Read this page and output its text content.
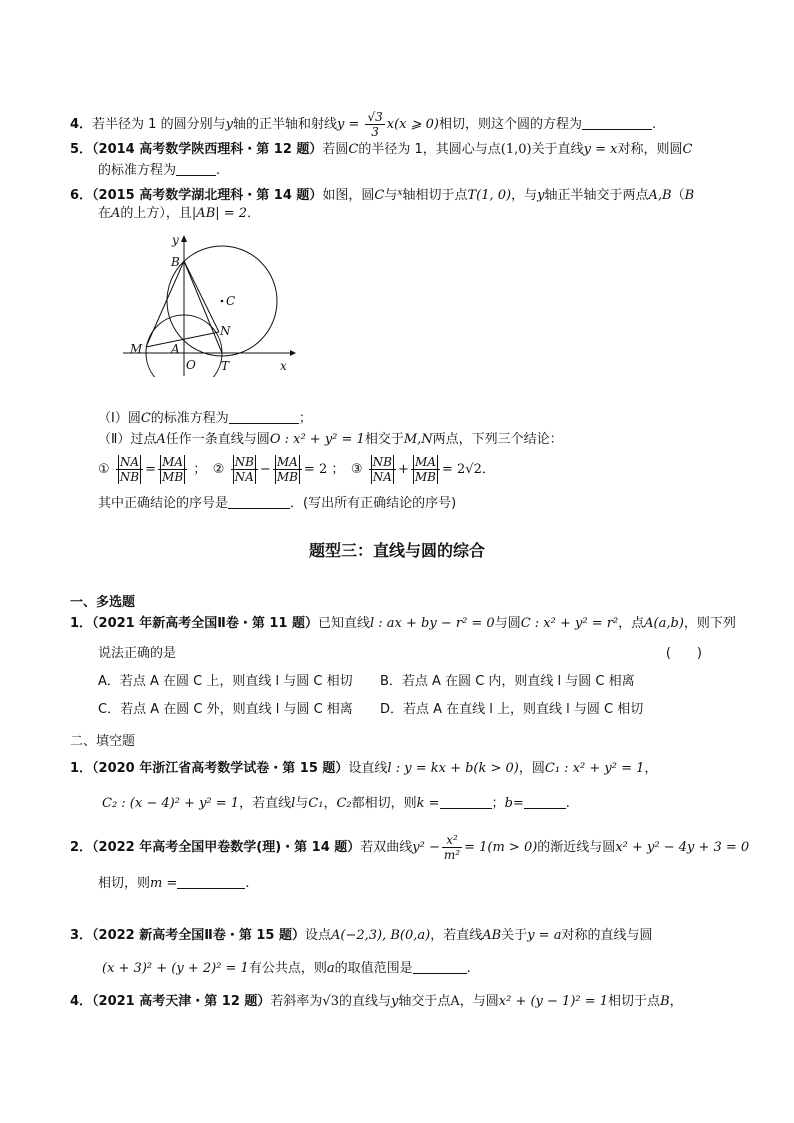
4．若半径为 1 的圆分别与y轴的正半轴和射线$y = \frac{√3}{3} x(x$ ⩾ 0)相切，则这个圆的方程为	.
5．（2014 高考数学陕西理科・第 12 题）若圆C的半径为 1，其圆心与点(1,0)关于直线y = x对称，则圆C
的标准方程为	.
6．（2015 高考数学湖北理科・第 14 题）如图，圆C与$^x$轴相切于点T(1, 0)，与y轴正半轴交于两点A,B（B
在A的上方），且|AB| = 2．
y
x
B
C
N
M A
O T
（Ⅰ）圆C的标准方程为	；
（Ⅱ）过点A任作一条直线与圆O : x² + y² = 1相交于M,N两点，下列三个结论：
① $\frac{NA}{NB} = \frac{MA}{MB}$ ；　② $\frac{NB}{NA} - \frac{MA}{MB} = 2$ ；　③ $\frac{NB}{NA} + \frac{MA}{MB} = 2√2$．
其中正确结论的序号是	．(写出所有正确结论的序号)
题型三：直线与圆的综合
一、多选题
1．（2021 年新高考全国Ⅱ卷・第 11 题）已知直线l : ax + by − r² = 0与圆C : x² + y² = r²，点A(a,b)，则下列
说法正确的是	(　　)
A．若点 A 在圆 C 上，则直线 l 与圆 C 相切 B．若点 A 在圆 C 内，则直线 l 与圆 C 相离
C．若点 A 在圆 C 外，则直线 l 与圆 C 相离 D．若点 A 在直线 l 上，则直线 l 与圆 C 相切
二、填空题
1．（2020 年浙江省高考数学试卷・第 15 题）设直线l : y = kx + b(k > 0)，圆C₁ : x² + y² = 1，
C₂ : (x − 4)² + y² = 1，若直线l与C₁，C₂都相切，则k =	；b=	.
2．（2022 年高考全国甲卷数学(理)・第 14 题）若双曲线$y^2 - \frac{\text{x²}}{\text{m²}} = 1(m > 0)$的渐近线与圆x² + y² − 4y + 3 = 0
相切，则m =	.
3．（2022 新高考全国Ⅱ卷・第 15 题）设点A(−2,3), B(0,a)，若直线AB关于y = a对称的直线与圆
(x + 3)² + (y + 2)² = 1有公共点，则a的取值范围是	.
4．（2021 高考天津・第 12 题）若斜率为√3的直线与y轴交于点A，与圆x² + (y − 1)² = 1相切于点B，
